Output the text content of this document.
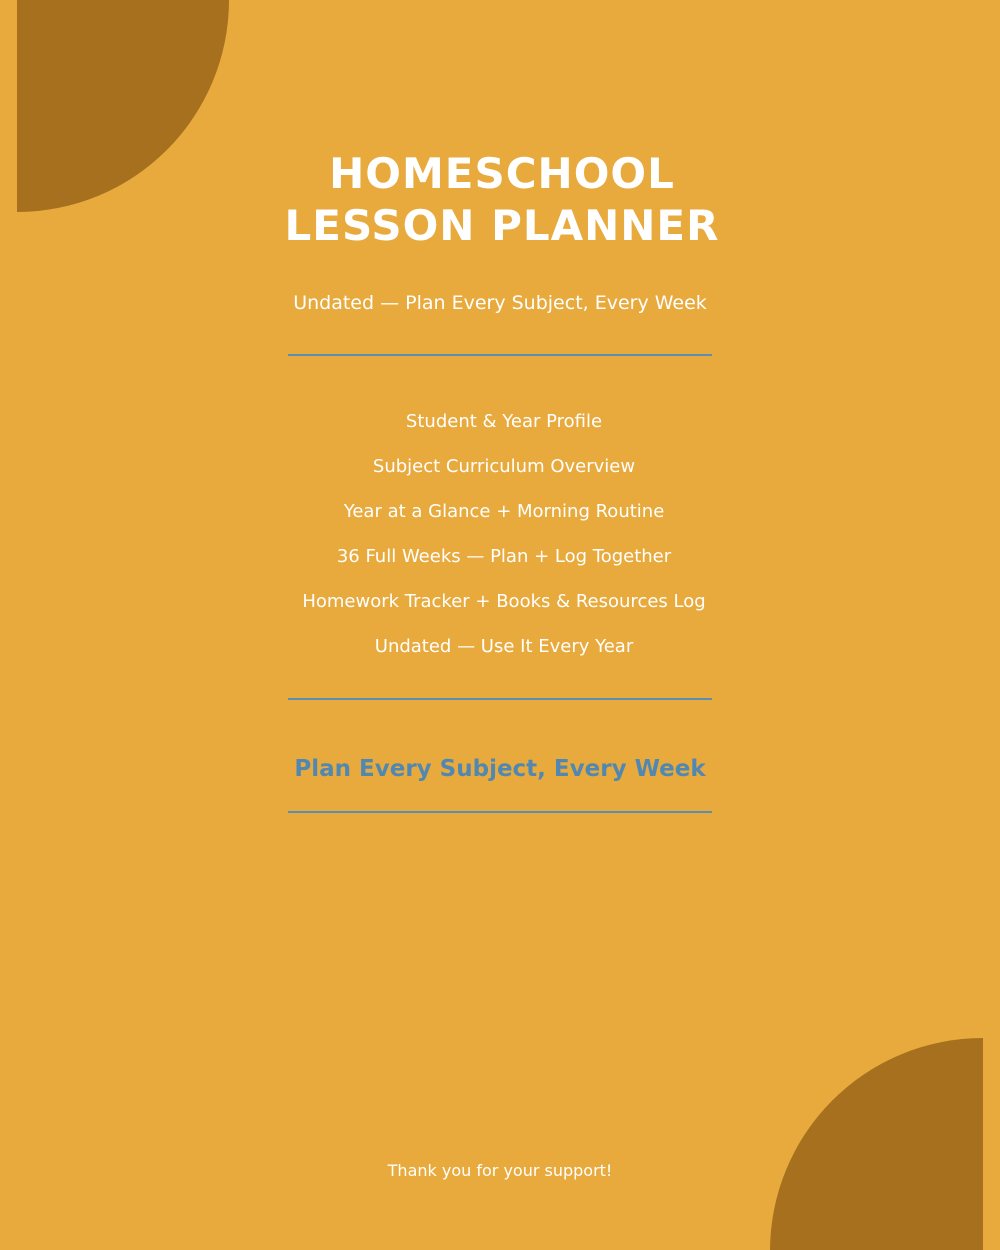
HOMESCHOOL
LESSON PLANNER
Undated — Plan Every Subject, Every Week
Student & Year Profile
Subject Curriculum Overview
Year at a Glance + Morning Routine
36 Full Weeks — Plan + Log Together
Homework Tracker + Books & Resources Log
Undated — Use It Every Year
Plan Every Subject, Every Week
Thank you for your support!
